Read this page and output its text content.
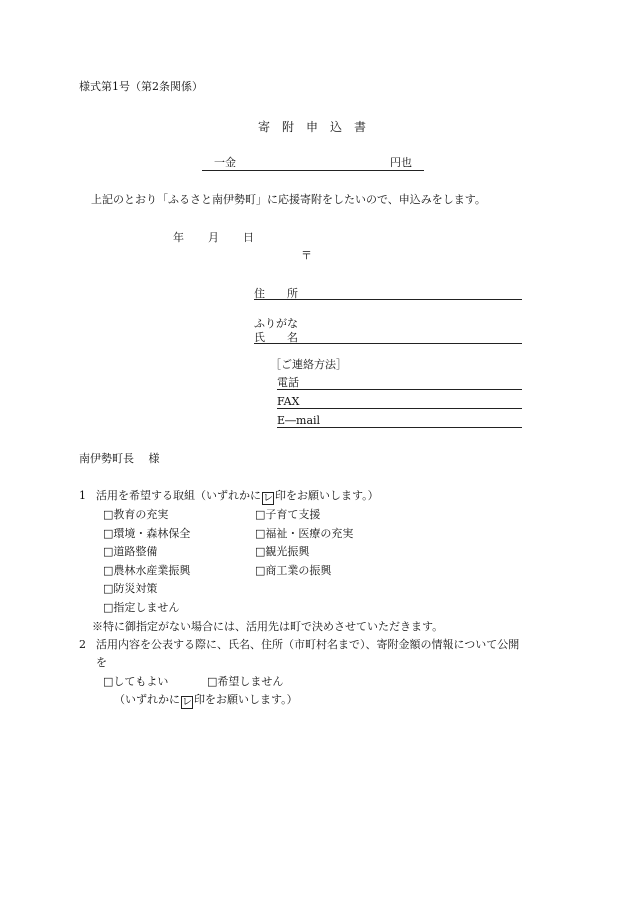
様式第1号（第2条関係）
寄　附　申　込　書
一金	円也
上記のとおり「ふるさと南伊勢町」に応援寄附をしたいので、申込みをします。
年 月 日
〒
住　　所
ふりがな
氏　　名
［ご連絡方法］
電話
FAX
E―mail
南伊勢町長　 様
1 活用を希望する取組（いずれかに レ 印をお願いします。）
□教育の充実	□子育て支援
□環境・森林保全	□福祉・医療の充実
□道路整備	□観光振興
□農林水産業振興	□商工業の振興
□防災対策
□指定しません
※特に御指定がない場合には、活用先は町で決めさせていただきます。
2 活用内容を公表する際に、氏名、住所（市町村名まで）、寄附金額の情報について公開
を
□してもよい	□希望しません
（いずれかに レ 印をお願いします。）
